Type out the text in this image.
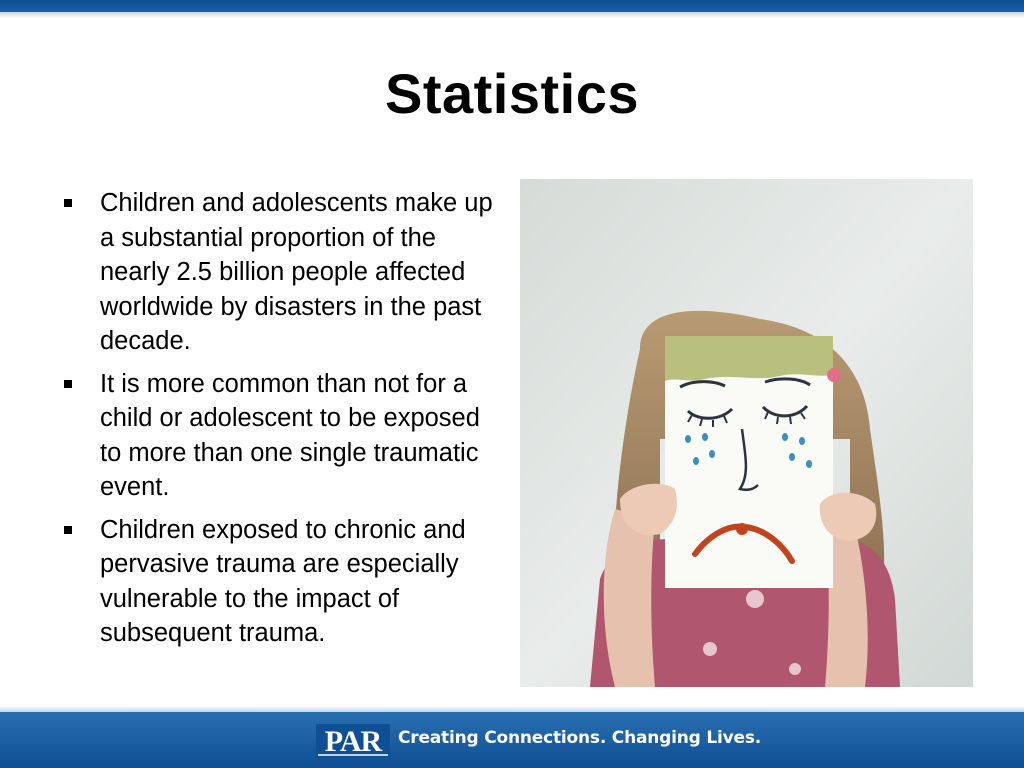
Statistics
Children and adolescents make up a substantial proportion of the nearly 2.5 billion people affected worldwide by disasters in the past decade.
It is more common than not for a child or adolescent to be exposed to more than one single traumatic event.
Children exposed to chronic and pervasive trauma are especially vulnerable to the impact of subsequent trauma.
PAR Creating Connections. Changing Lives.
